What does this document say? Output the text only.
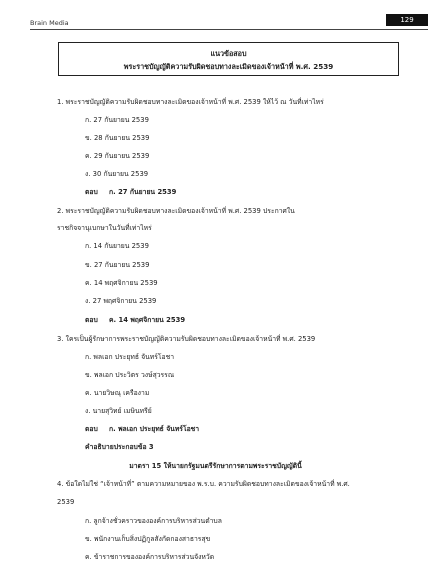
Brain Media	129
แนวข้อสอบ
พระราชบัญญัติความรับผิดชอบทางละเมิดของเจ้าหน้าที่ พ.ศ. 2539
1. พระราชบัญญัติความรับผิดชอบทางละเมิดของเจ้าหน้าที่ พ.ศ. 2539 ให้ไว้ ณ วันที่เท่าไหร่
ก. 27 กันยายน 2539
ข. 28 กันยายน 2539
ค. 29 กันยายน 2539
ง. 30 กันยายน 2539
ตอบ ก. 27 กันยายน 2539
2. พระราชบัญญัติความรับผิดชอบทางละเมิดของเจ้าหน้าที่ พ.ศ. 2539 ประกาศใน
ราชกิจจานุเบกษาในวันที่เท่าไหร่
ก. 14 กันยายน 2539
ข. 27 กันยายน 2539
ค. 14 พฤศจิกายน 2539
ง. 27 พฤศจิกายน 2539
ตอบ ค. 14 พฤศจิกายน 2539
3. ใครเป็นผู้รักษาการพระราชบัญญัติความรับผิดชอบทางละเมิดของเจ้าหน้าที่ พ.ศ. 2539
ก. พลเอก ประยุทธ์ จันทร์โอชา
ข. พลเอก ประวิตร วงษ์สุวรรณ
ค. นายวิษณุ เครืองาม
ง. นายสุวิทย์ เมษินทรีย์
ตอบ ก. พลเอก ประยุทธ์ จันทร์โอชา
คำอธิบายประกอบข้อ 3
มาตรา 15 ให้นายกรัฐมนตรีรักษาการตามพระราชบัญญัตินี้
4. ข้อใดไม่ใช่ “เจ้าหน้าที่” ตามความหมายของ พ.ร.บ. ความรับผิดชอบทางละเมิดของเจ้าหน้าที่ พ.ศ.
2539
ก. ลูกจ้างชั่วคราวขององค์การบริหารส่วนตำบล
ข. พนักงานเก็บสิ่งปฏิกูลสังกัดกองสาธารสุข
ค. ข้าราชการขององค์การบริหารส่วนจังหวัด
